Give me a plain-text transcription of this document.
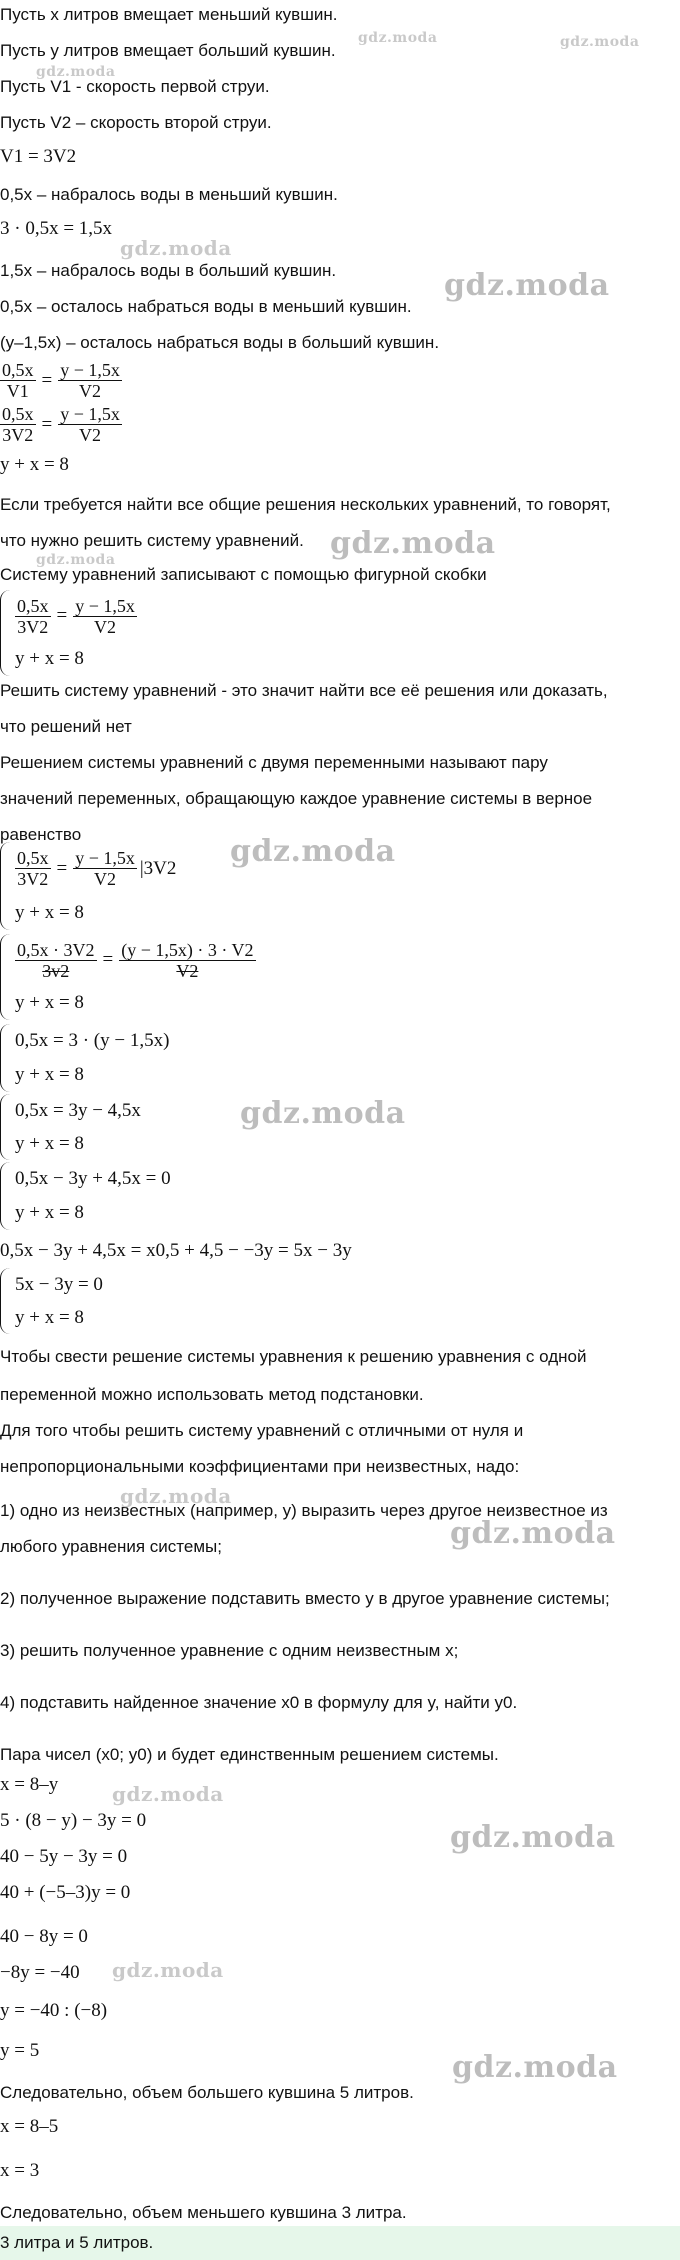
Пусть x литров вмещает меньший кувшин.
Пусть y литров вмещает больший кувшин.
Пусть V1 - скорость первой струи.
Пусть V2 – скорость второй струи.
V1 = 3V2
0,5x – набралось воды в меньший кувшин.
3 · 0,5x = 1,5x
1,5x – набралось воды в больший кувшин.
0,5x – осталось набраться воды в меньший кувшин.
(y–1,5x) – осталось набраться воды в больший кувшин.
$\frac{0,5x}{V1} = \frac{y - 1,5x}{V2}$
$\frac{0,5x}{3V2} = \frac{y - 1,5x}{V2}$
y + x = 8
Если требуется найти все общие решения нескольких уравнений, то говорят,
что нужно решить систему уравнений.
Систему уравнений записывают с помощью фигурной скобки
$\frac{0,5x}{3V2} = \frac{y - 1,5x}{V2}$
y + x = 8
Решить систему уравнений - это значит найти все её решения или доказать,
что решений нет
Решением системы уравнений с двумя переменными называют пару
значений переменных, обращающую каждое уравнение системы в верное
равенство
$\frac{0,5x}{3V2} = \frac{y - 1,5x}{V2} |3V2$
y + x = 8
$\frac{0,5x \cdot 3V2}{3v2} = \frac{(y - 1,5x) \cdot 3 \cdot V2}{V2}$
y + x = 8
0,5x = 3 · (y − 1,5x)
y + x = 8
0,5x = 3y − 4,5x
y + x = 8
0,5x − 3y + 4,5x = 0
y + x = 8
0,5x − 3y + 4,5x = x0,5 + 4,5 − −3y = 5x − 3y
5x − 3y = 0
y + x = 8
Чтобы свести решение системы уравнения к решению уравнения с одной
переменной можно использовать метод подстановки.
Для того чтобы решить систему уравнений с отличными от нуля и
непропорциональными коэффициентами при неизвестных, надо:
1) одно из неизвестных (например, y) выразить через другое неизвестное из
любого уравнения системы;
2) полученное выражение подставить вместо y в другое уравнение системы;
3) решить полученное уравнение с одним неизвестным x;
4) подставить найденное значение x0 в формулу для y, найти y0.
Пара чисел (x0; y0) и будет единственным решением системы.
x = 8–y
5 · (8 − y) − 3y = 0
40 − 5y − 3y = 0
40 + (−5–3)y = 0
40 − 8y = 0
−8y = −40
y = −40 : (−8)
y = 5
Следовательно, объем большего кувшина 5 литров.
x = 8–5
x = 3
Следовательно, объем меньшего кувшина 3 литра.
3 литра и 5 литров.
gdz.moda	gdz.moda
gdz.moda
gdz.moda
gdz.moda
gdz.moda
gdz.moda
gdz.moda
gdz.moda
gdz.moda
gdz.moda
gdz.moda
gdz.moda
gdz.moda
gdz.moda
